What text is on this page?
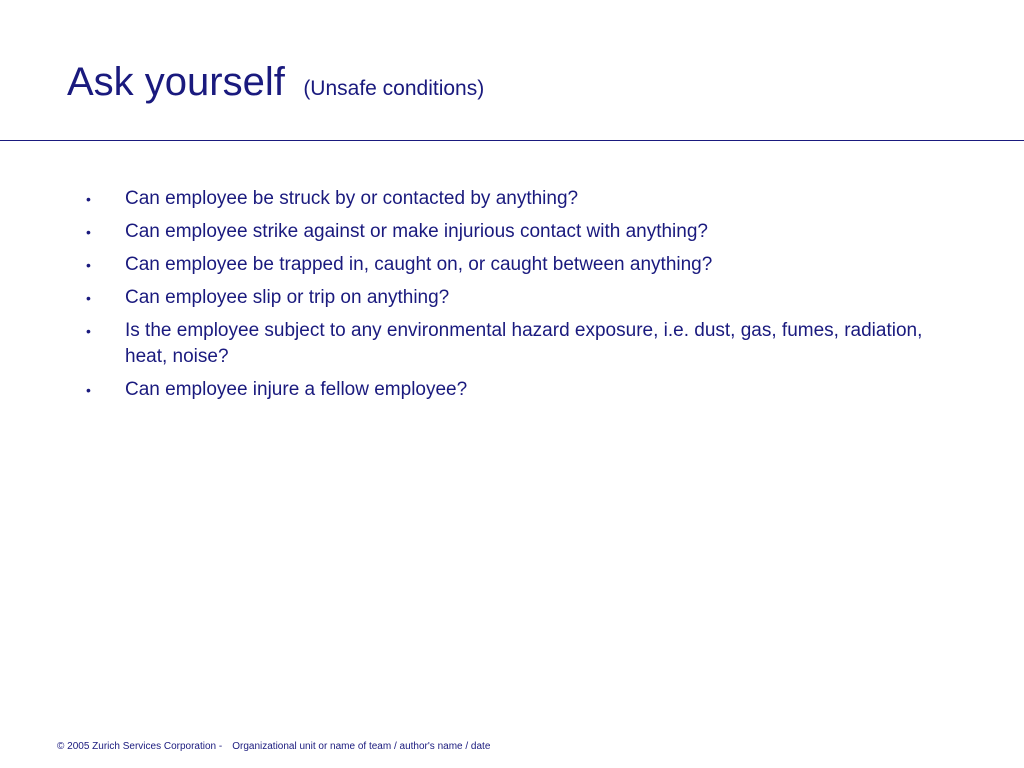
Ask yourself (Unsafe conditions)
• Can employee be struck by or contacted by anything?
• Can employee strike against or make injurious contact with anything?
• Can employee be trapped in, caught on, or caught between anything?
• Can employee slip or trip on anything?
• Is the employee subject to any environmental hazard exposure, i.e. dust, gas, fumes, radiation, heat, noise?
• Can employee injure a fellow employee?
© 2005 Zurich Services Corporation - Organizational unit or name of team / author's name / date
